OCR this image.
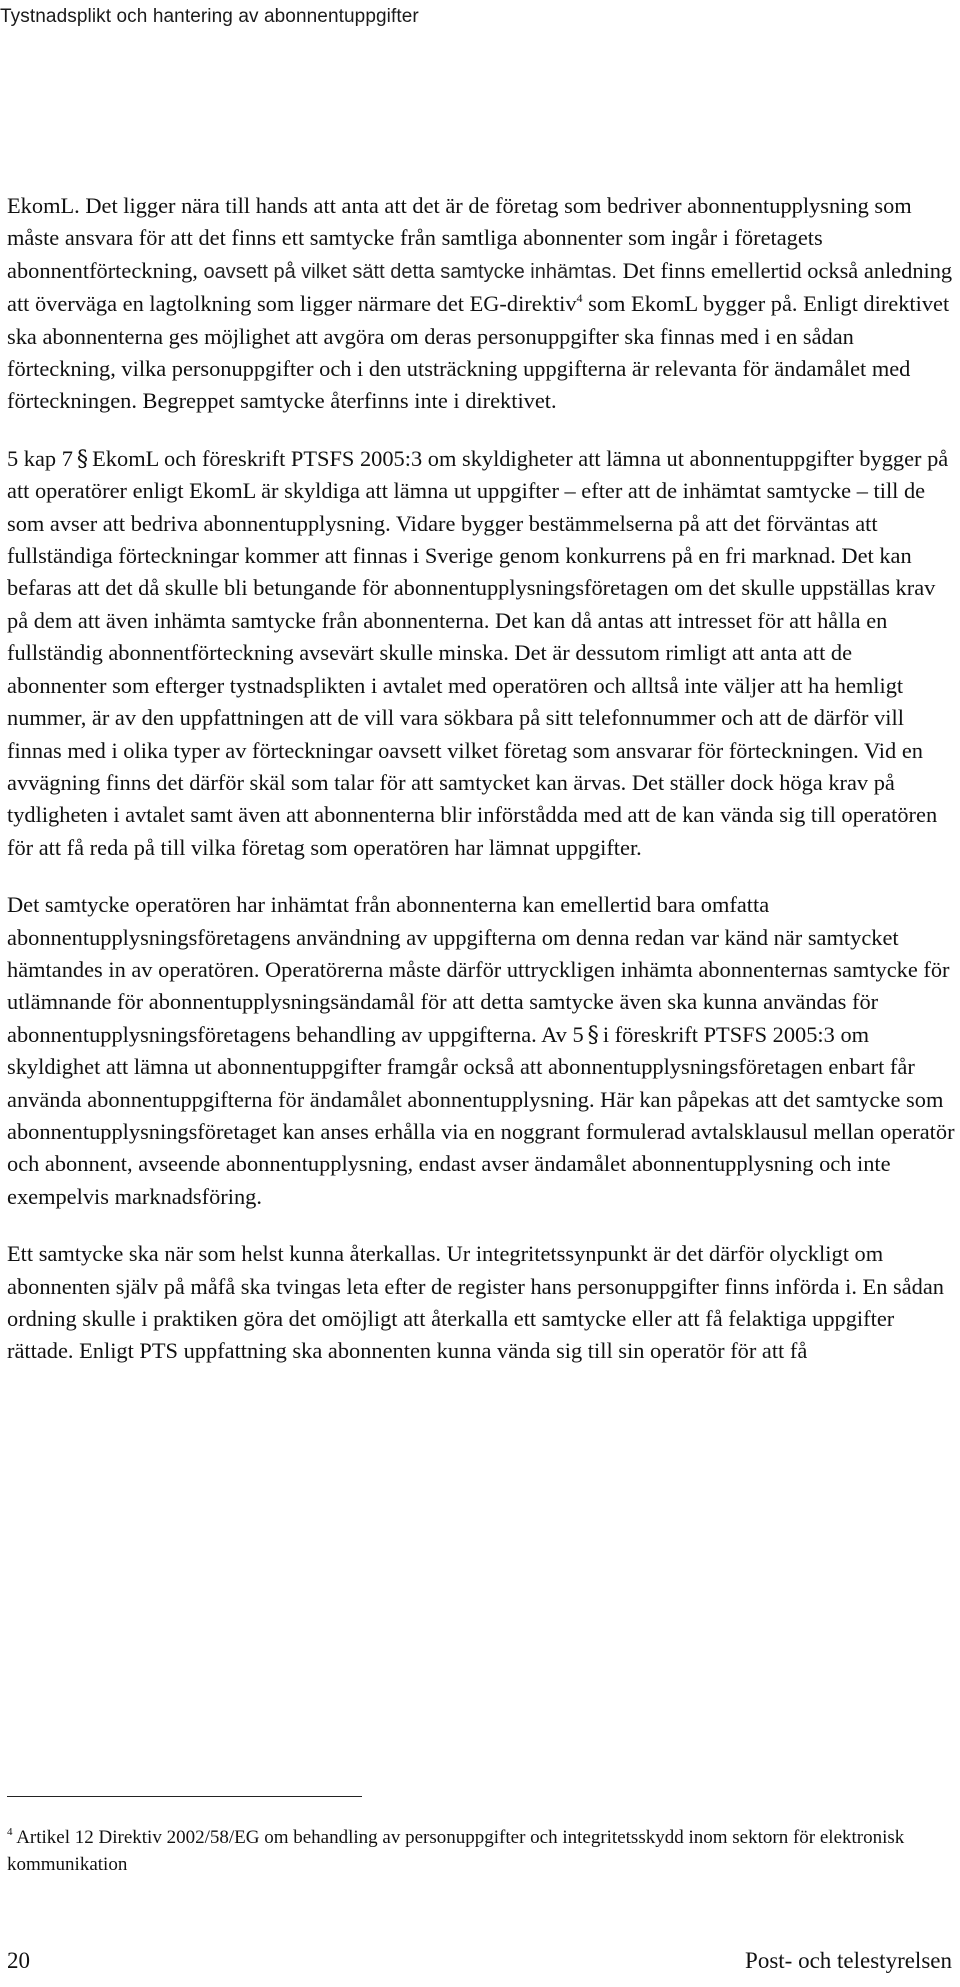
Tystnadsplikt och hantering av abonnentuppgifter

EkomL. Det ligger nära till hands att anta att det är de företag som bedriver abonnentupplysning som måste ansvara för att det finns ett samtycke från samtliga abonnenter som ingår i företagets abonnentförteckning, oavsett på vilket sätt detta samtycke inhämtas. Det finns emellertid också anledning att överväga en lagtolkning som ligger närmare det EG-direktiv$^4$ som EkomL bygger på. Enligt direktivet ska abonnenterna ges möjlighet att avgöra om deras personuppgifter ska finnas med i en sådan förteckning, vilka personuppgifter och i den utsträckning uppgifterna är relevanta för ändamålet med förteckningen. Begreppet samtycke återfinns inte i direktivet.

5 kap 7 § EkomL och föreskrift PTSFS 2005:3 om skyldigheter att lämna ut abonnentuppgifter bygger på att operatörer enligt EkomL är skyldiga att lämna ut uppgifter – efter att de inhämtat samtycke – till de som avser att bedriva abonnentupplysning. Vidare bygger bestämmelserna på att det förväntas att fullständiga förteckningar kommer att finnas i Sverige genom konkurrens på en fri marknad. Det kan befaras att det då skulle bli betungande för abonnentupplysningsföretagen om det skulle uppställas krav på dem att även inhämta samtycke från abonnenterna. Det kan då antas att intresset för att hålla en fullständig abonnentförteckning avsevärt skulle minska. Det är dessutom rimligt att anta att de abonnenter som efterger tystnadsplikten i avtalet med operatören och alltså inte väljer att ha hemligt nummer, är av den uppfattningen att de vill vara sökbara på sitt telefonnummer och att de därför vill finnas med i olika typer av förteckningar oavsett vilket företag som ansvarar för förteckningen. Vid en avvägning finns det därför skäl som talar för att samtycket kan ärvas. Det ställer dock höga krav på tydligheten i avtalet samt även att abonnenterna blir införstådda med att de kan vända sig till operatören för att få reda på till vilka företag som operatören har lämnat uppgifter.

Det samtycke operatören har inhämtat från abonnenterna kan emellertid bara omfatta abonnentupplysningsföretagens användning av uppgifterna om denna redan var känd när samtycket hämtandes in av operatören. Operatörerna måste därför uttryckligen inhämta abonnenternas samtycke för utlämnande för abonnentupplysningsändamål för att detta samtycke även ska kunna användas för abonnentupplysningsföretagens behandling av uppgifterna. Av 5 § i föreskrift PTSFS 2005:3 om skyldighet att lämna ut abonnentuppgifter framgår också att abonnentupplysningsföretagen enbart får använda abonnentuppgifterna för ändamålet abonnentupplysning. Här kan påpekas att det samtycke som abonnentupplysningsföretaget kan anses erhålla via en noggrant formulerad avtalsklausul mellan operatör och abonnent, avseende abonnentupplysning, endast avser ändamålet abonnentupplysning och inte exempelvis marknadsföring.

Ett samtycke ska när som helst kunna återkallas. Ur integritetssynpunkt är det därför olyckligt om abonnenten själv på måfå ska tvingas leta efter de register hans personuppgifter finns införda i. En sådan ordning skulle i praktiken göra det omöjligt att återkalla ett samtycke eller att få felaktiga uppgifter rättade. Enligt PTS uppfattning ska abonnenten kunna vända sig till sin operatör för att få

$^4$ Artikel 12 Direktiv 2002/58/EG om behandling av personuppgifter och integritetsskydd inom sektorn för elektronisk kommunikation
20	Post- och telestyrelsen
